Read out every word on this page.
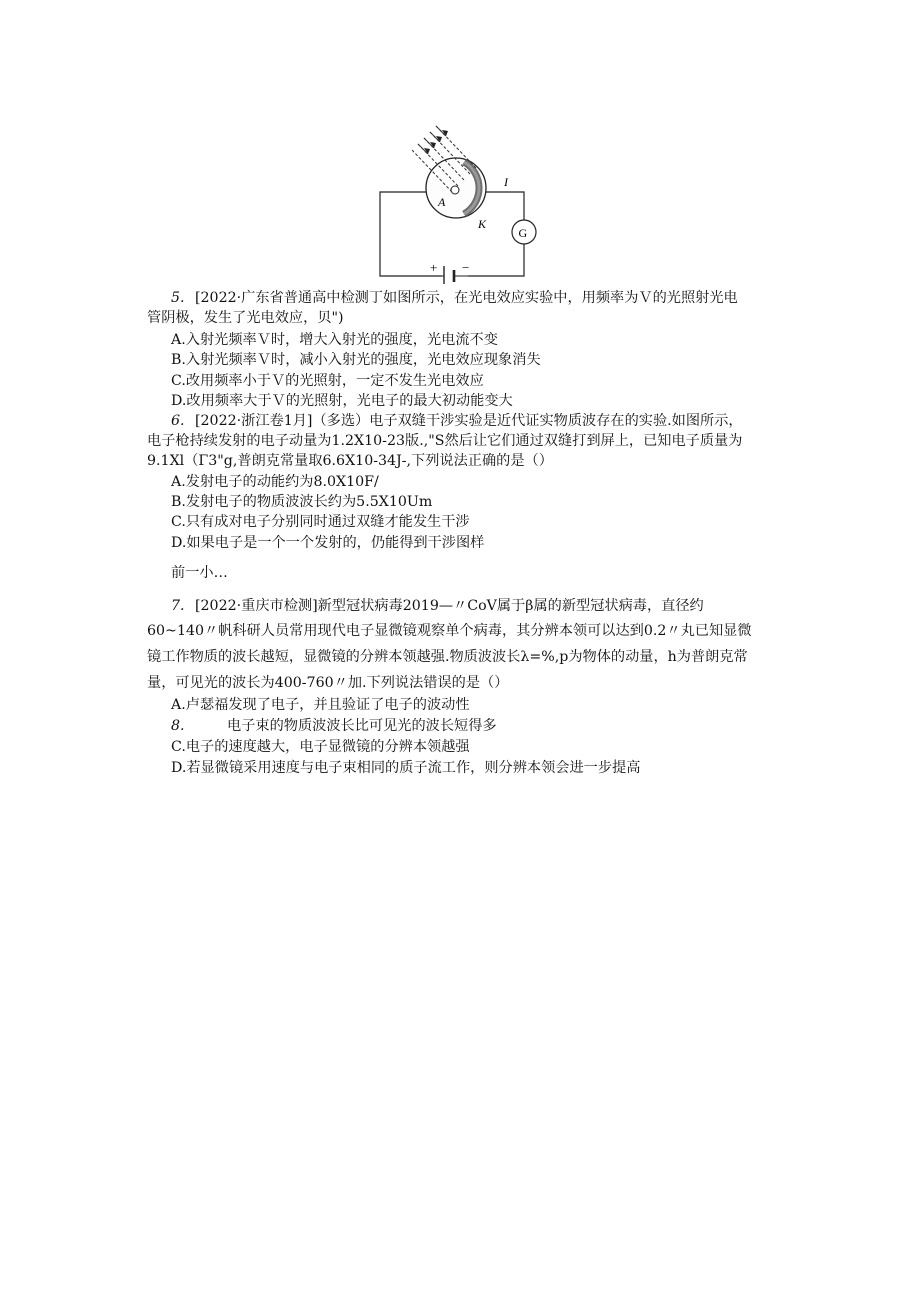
+ −
G
A
K
I
5. [2022·广东省普通高中检测丁如图所示，在光电效应实验中，用频率为Ｖ的光照射光电
管阴极，发生了光电效应，贝")
A.入射光频率Ｖ时，增大入射光的强度，光电流不变
B.入射光频率Ｖ时，减小入射光的强度，光电效应现象消失
C.改用频率小于Ｖ的光照射，一定不发生光电效应
D.改用频率大于Ｖ的光照射，光电子的最大初动能变大
6. [2022·浙江卷1月]（多选）电子双缝干涉实验是近代证实物质波存在的实验.如图所示，
电子枪持续发射的电子动量为1.2X10-23版.,"S然后让它们通过双缝打到屏上，已知电子质量为
9.1Xl（Γ3"g,普朗克常量取6.6X10-34J-,下列说法正确的是（）
A.发射电子的动能约为8.0X10F/
B.发射电子的物质波波长约为5.5X10Um
C.只有成对电子分别同时通过双缝才能发生干涉
D.如果电子是一个一个发射的，仍能得到干涉图样
前一小…
7. [2022·重庆市检测]新型冠状病毒2019—〃CoV属于β属的新型冠状病毒，直径约
60~140〃帆科研人员常用现代电子显微镜观察单个病毒，其分辨本领可以达到0.2〃丸已知显微
镜工作物质的波长越短，显微镜的分辨本领越强.物质波波长λ=%,p为物体的动量，h为普朗克常
量，可见光的波长为400-760〃加.下列说法错误的是（）
A.卢瑟福发现了电子，并且验证了电子的波动性
8.	电子束的物质波波长比可见光的波长短得多
C.电子的速度越大，电子显微镜的分辨本领越强
D.若显微镜采用速度与电子束相同的质子流工作，则分辨本领会进一步提高
